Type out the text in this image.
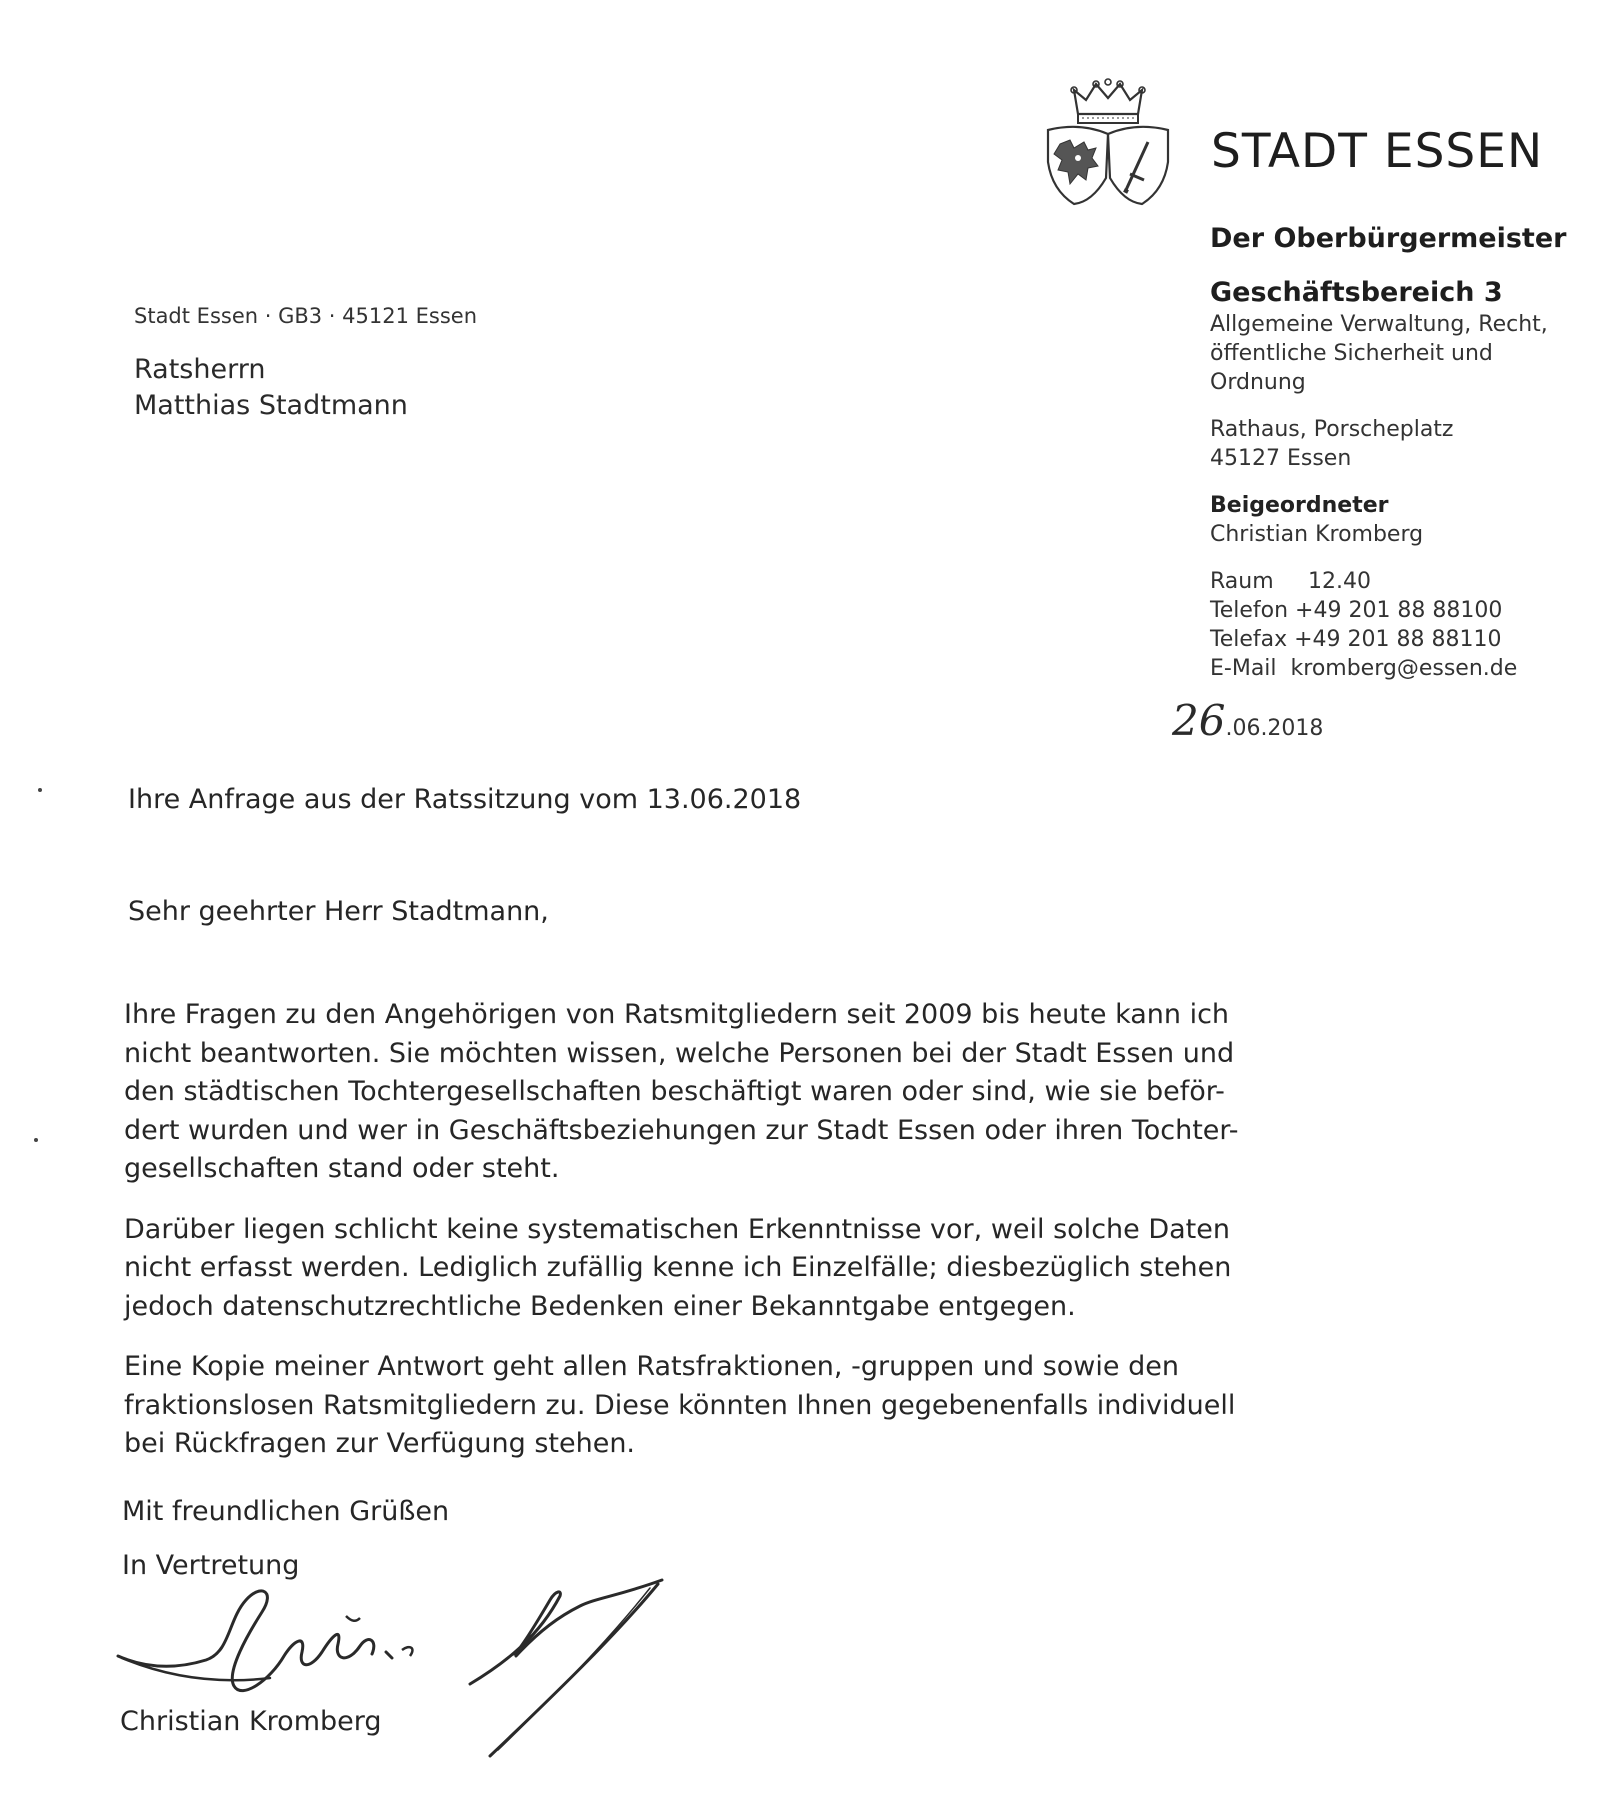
STADT ESSEN
Der Oberbürgermeister
Geschäftsbereich 3
Allgemeine Verwaltung, Recht,
öffentliche Sicherheit und
Ordnung
Rathaus, Porscheplatz
45127 Essen
Beigeordneter
Christian Kromberg
Raum 12.40
Telefon +49 201 88 88100
Telefax +49 201 88 88110
E-Mail  kromberg@essen.de
26.06.2018
Stadt Essen · GB3 · 45121 Essen
Ratsherrn
Matthias Stadtmann
Ihre Anfrage aus der Ratssitzung vom 13.06.2018
Sehr geehrter Herr Stadtmann,

Ihre Fragen zu den Angehörigen von Ratsmitgliedern seit 2009 bis heute kann ich
nicht beantworten. Sie möchten wissen, welche Personen bei der Stadt Essen und
den städtischen Tochtergesellschaften beschäftigt waren oder sind, wie sie beför-
dert wurden und wer in Geschäftsbeziehungen zur Stadt Essen oder ihren Tochter-
gesellschaften stand oder steht.

Darüber liegen schlicht keine systematischen Erkenntnisse vor, weil solche Daten
nicht erfasst werden. Lediglich zufällig kenne ich Einzelfälle; diesbezüglich stehen
jedoch datenschutzrechtliche Bedenken einer Bekanntgabe entgegen.

Eine Kopie meiner Antwort geht allen Ratsfraktionen, -gruppen und sowie den
fraktionslosen Ratsmitgliedern zu. Diese könnten Ihnen gegebenenfalls individuell
bei Rückfragen zur Verfügung stehen.

Mit freundlichen Grüßen
In Vertretung
Christian Kromberg
